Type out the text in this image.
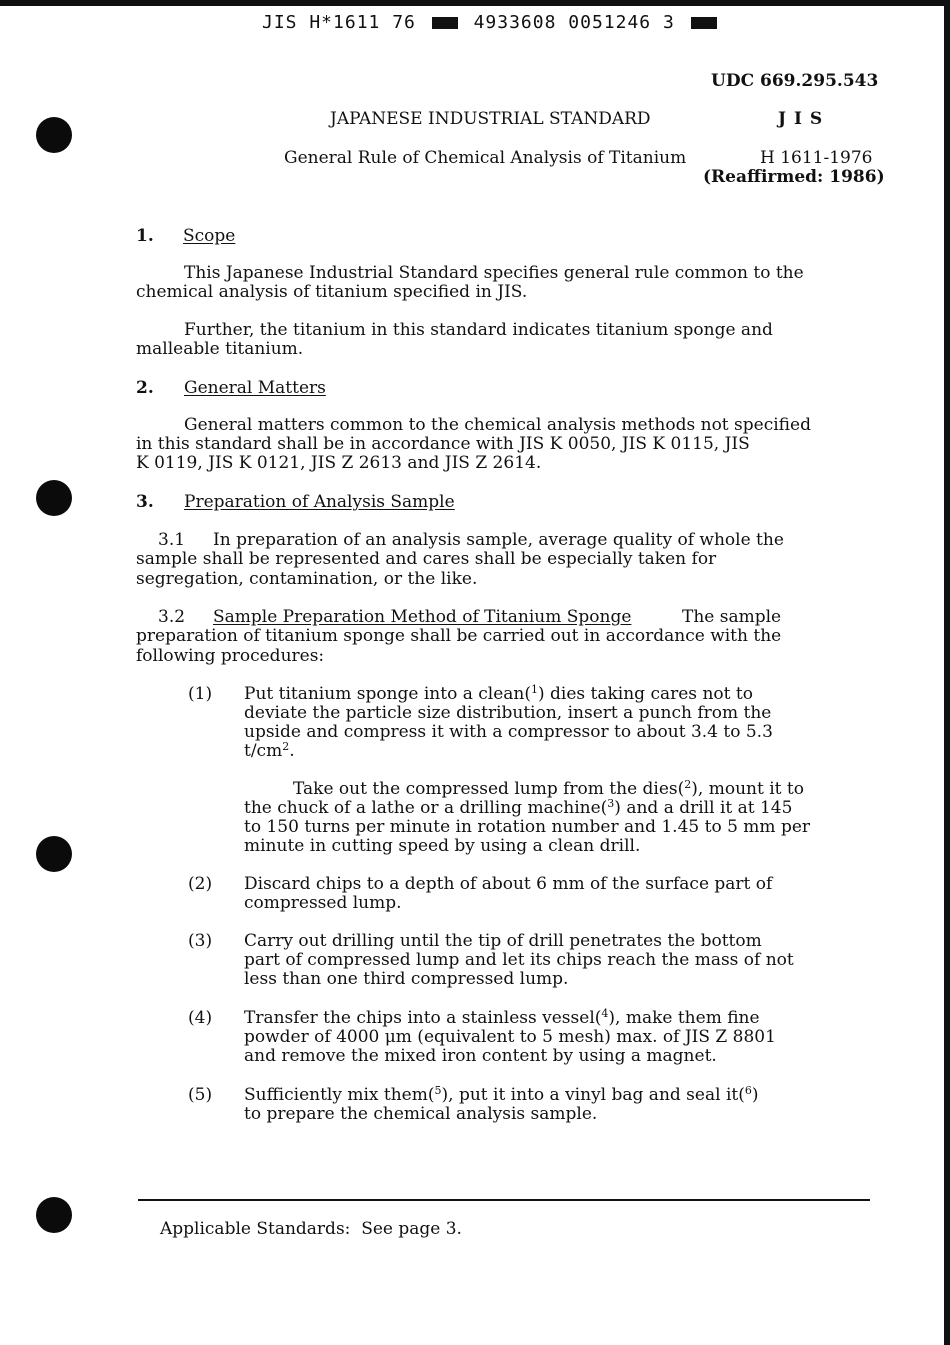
JIS H*1611 76	4933608 0051246 3
UDC 669.295.543
JAPANESE INDUSTRIAL STANDARD	J I S
General Rule of Chemical Analysis of Titanium	H 1611-1976
(Reaffirmed: 1986)
1. Scope
This Japanese Industrial Standard specifies general rule common to the
chemical analysis of titanium specified in JIS.
Further, the titanium in this standard indicates titanium sponge and
malleable titanium.
2. General Matters
General matters common to the chemical analysis methods not specified
in this standard shall be in accordance with JIS K 0050, JIS K 0115, JIS
K 0119, JIS K 0121, JIS Z 2613 and JIS Z 2614.
3. Preparation of Analysis Sample
3.1 In preparation of an analysis sample, average quality of whole the
sample shall be represented and cares shall be especially taken for
segregation, contamination, or the like.
3.2 Sample Preparation Method of Titanium Sponge	The sample
preparation of titanium sponge shall be carried out in accordance with the
following procedures:
(1) Put titanium sponge into a clean($^1$) dies taking cares not to
deviate the particle size distribution, insert a punch from the
upside and compress it with a compressor to about 3.4 to 5.3
$t/cm^2$.
Take out the compressed lump from the dies($^2$), mount it to
the chuck of a lathe or a drilling machine($^3$) and a drill it at 145
to 150 turns per minute in rotation number and 1.45 to 5 mm per
minute in cutting speed by using a clean drill.
(2) Discard chips to a depth of about 6 mm of the surface part of
compressed lump.
(3) Carry out drilling until the tip of drill penetrates the bottom
part of compressed lump and let its chips reach the mass of not
less than one third compressed lump.
(4) Transfer the chips into a stainless vessel($^4$), make them fine
powder of 4000 μm (equivalent to 5 mesh) max. of JIS Z 8801
and remove the mixed iron content by using a magnet.
(5) Sufficiently mix them($^5$), put it into a vinyl bag and seal it($^6$)
to prepare the chemical analysis sample.
Applicable Standards:  See page 3.
